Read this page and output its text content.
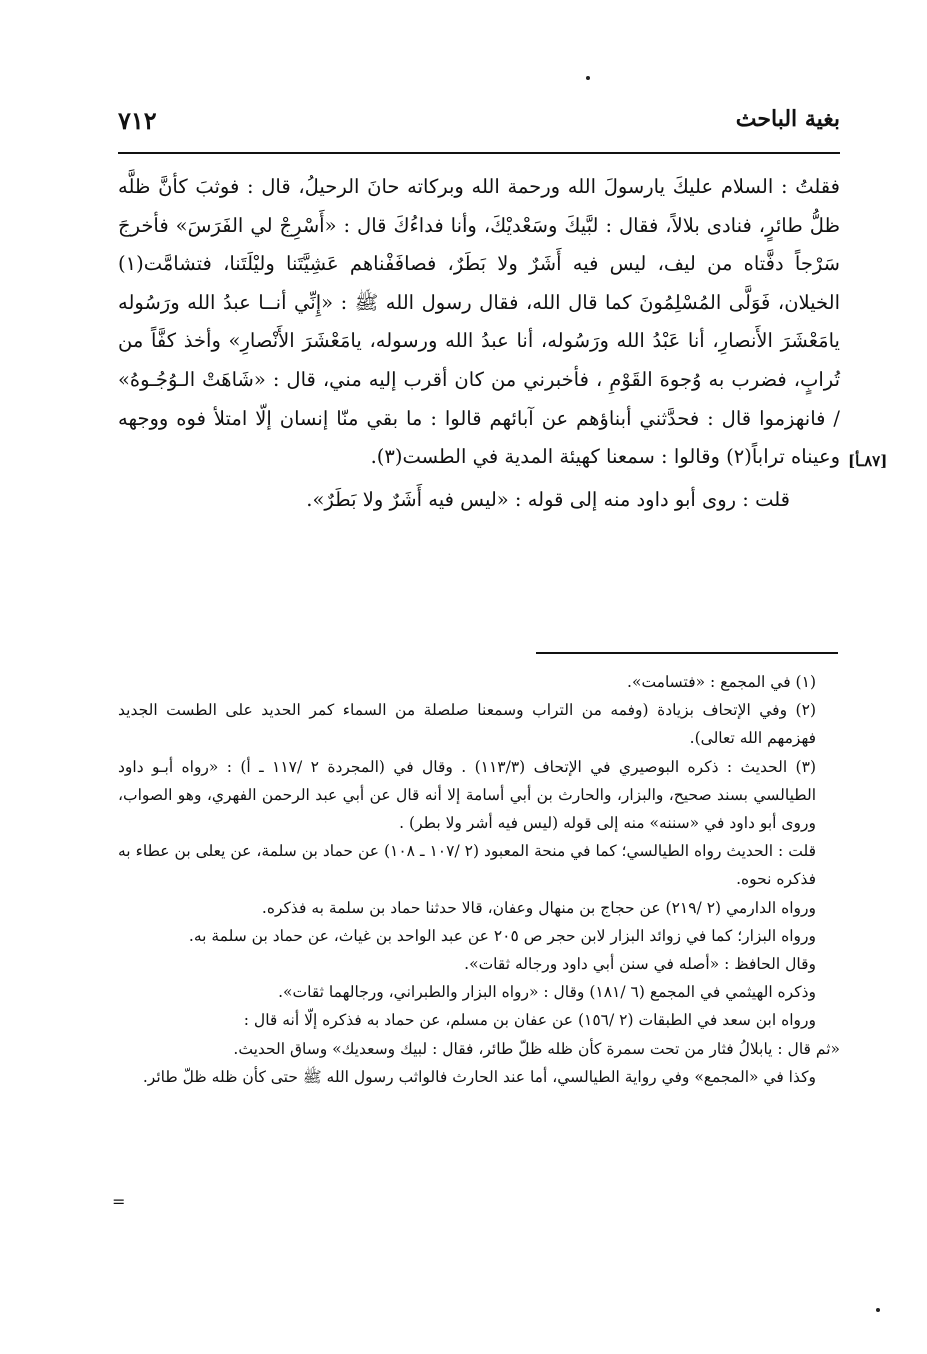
بغية الباحث
٧١٢

فقلتُ : السلام عليكَ يارسولَ الله ورحمة الله وبركاته حانَ الرحيلُ، قال : فوثبَ كأنَّ ظلَّه ظلُّ طائرٍ، فنادى بلالاً، فقال : لبَّيكَ وسَعْديْكَ، وأنا فداءُكَ قال : «أَسْرِجْ لي الفَرَسَ» فأخرجَ سَرْجاً دفَّتاه من ليف، ليس فيه أَشَرٌ ولا بَطَرٌ، فصافَفْناهم عَشِيَّتَنا وليْلَتَنا، فتشامَّت(١) الخيلان، فَوَلَّى المُسْلِمُونَ كما قال الله، فقال رسول الله ﷺ : «إِنِّي أنــا عبدُ الله ورَسُوله يامَعْشَرَ الأَنصارِ، أنا عَبْدُ الله ورَسُوله، أنا عبدُ الله ورسوله، يامَعْشَرَ الأَنْصارِ» وأخذ كفَّاً من تُرابٍ، فضرب به وُجوهَ القَوْمِ ، فأخبرني من كان أقرب إليه مني، قال : «شَاهَتْ الـوُجُـوهُ» / فانهزموا قال : فحدَّثني أبناؤهم عن آبائهم قالوا : ما بقي منّا إنسان إلّا امتلأ فوه ووجهه وعيناه تراباً(٢) وقالوا : سمعنا كهيئة المدية في الطست(٣).

قلت : روى أبو داود منه إلى قوله : «ليس فيه أَشَرٌ ولا بَطَرٌ».

[٨٧ـأ]

(١) في المجمع : «فتسامت».

(٢) وفي الإتحاف بزيادة (وفمه من التراب وسمعنا صلصلة من السماء كمر الحديد على الطست الجديد فهزمهم الله تعالى).

(٣) الحديث : ذكره البوصيري في الإتحاف (١١٣/٣) . وقال في (المجردة ٢ /١١٧ ـ أ) : «رواه أبـو داود الطيالسي بسند صحيح، والبزار، والحارث بن أبي أسامة إلا أنه قال عن أبي عبد الرحمن الفهري، وهو الصواب، وروى أبو داود في «سننه» منه إلى قوله (ليس فيه أشر ولا بطر) .

قلت : الحديث رواه الطيالسي؛ كما في منحة المعبود (٢ /١٠٧ ـ ١٠٨) عن حماد بن سلمة، عن يعلى بن عطاء به فذكره نحوه.

ورواه الدارمي (٢ /٢١٩) عن حجاج بن منهال وعفان، قالا حدثنا حماد بن سلمة به فذكره.

ورواه البزار؛ كما في زوائد البزار لابن حجر ص ٢٠٥ عن عبد الواحد بن غياث، عن حماد بن سلمة به.

وقال الحافظ : «أصله في سنن أبي داود ورجاله ثقات».

وذكره الهيثمي في المجمع (٦ /١٨١) وقال : «رواه البزار والطبراني، ورجالهما ثقات».

ورواه ابن سعد في الطبقات (٢ /١٥٦) عن عفان بن مسلم، عن حماد به فذكره إلّا أنه قال :

«ثم قال : يابلالُ فثار من تحت سمرة كأن ظله ظلّ طائر، فقال : لبيك وسعديك» وساق الحديث.

وكذا في «المجمع» وفي رواية الطيالسي، أما عند الحارث فالواثب رسول الله ﷺ حتى كأن ظله ظلّ طائر.

=
